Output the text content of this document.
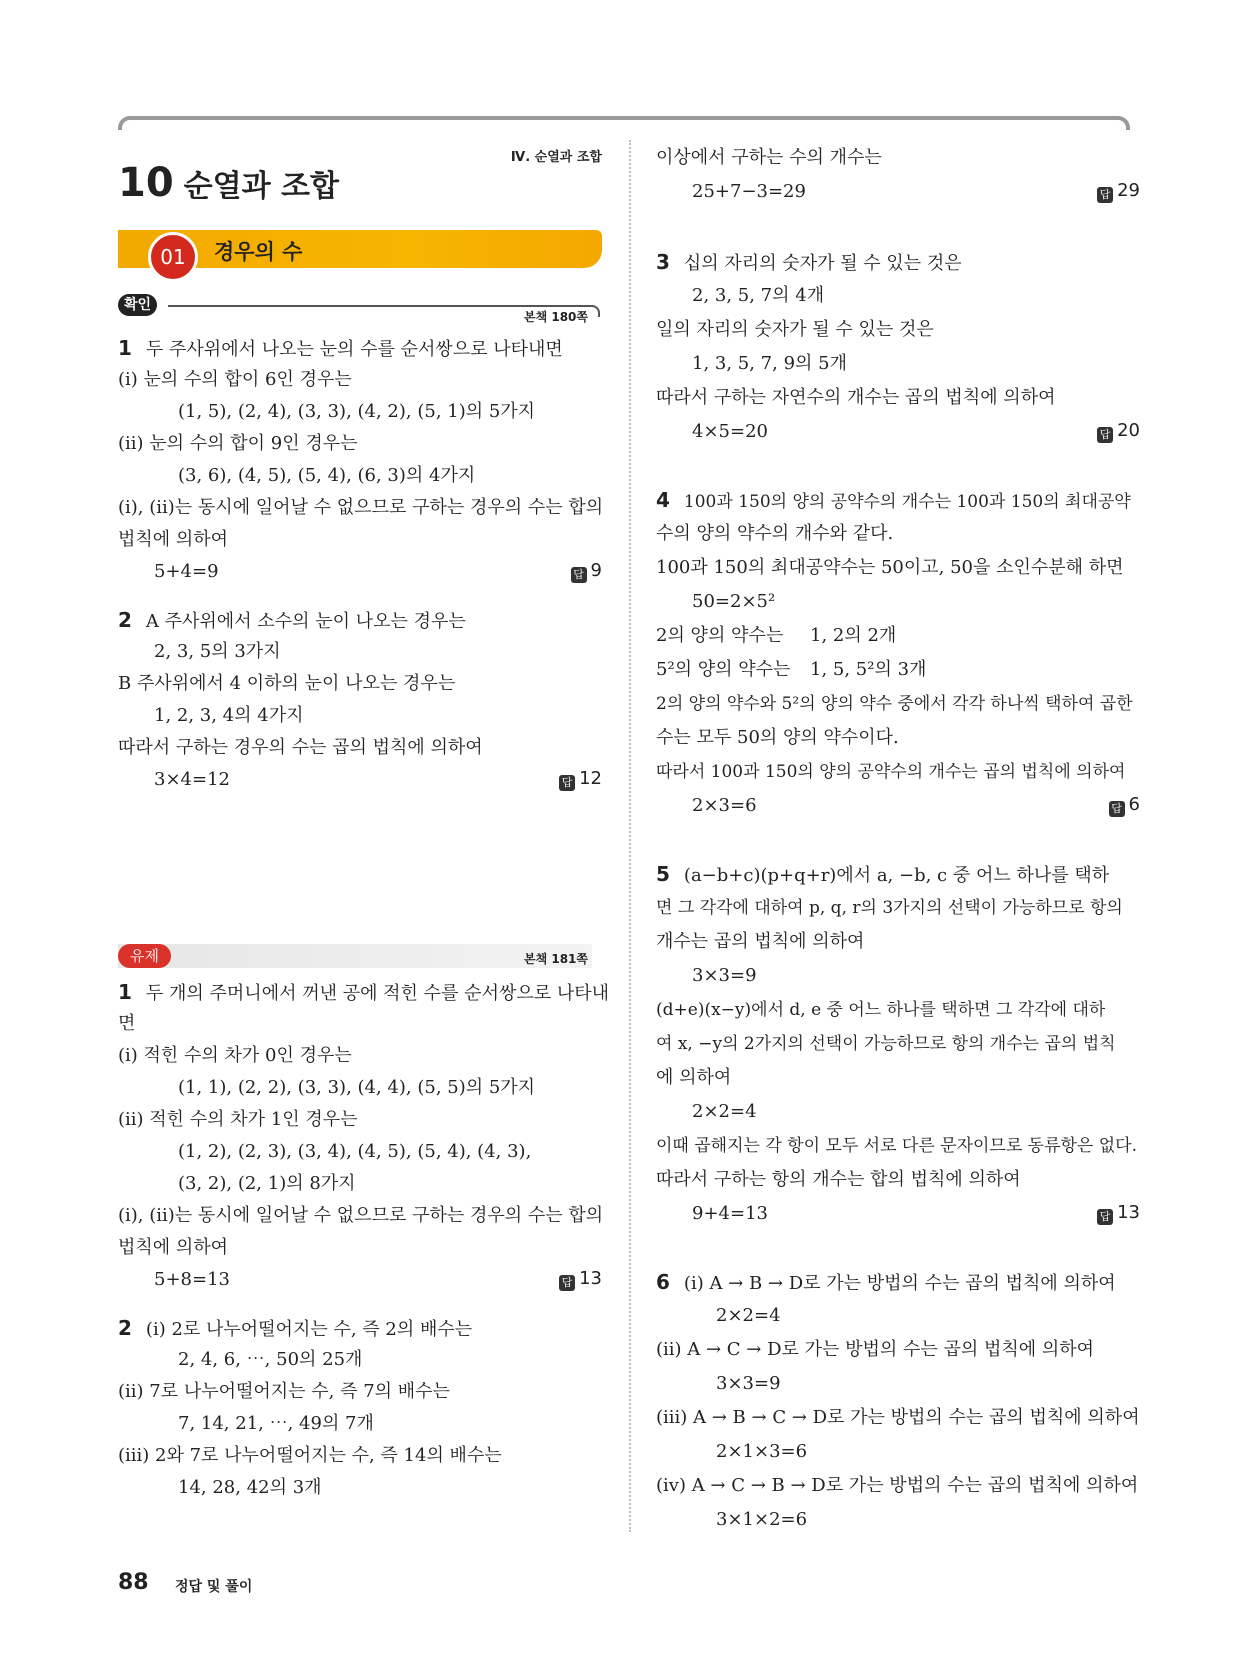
10 순열과 조합
Ⅳ. 순열과 조합
01	경우의 수
확인
본책 180쪽
1 두 주사위에서 나오는 눈의 수를 순서쌍으로 나타내면
(ⅰ) 눈의 수의 합이 6인 경우는
(1, 5), (2, 4), (3, 3), (4, 2), (5, 1)의 5가지
(ⅱ) 눈의 수의 합이 9인 경우는
(3, 6), (4, 5), (5, 4), (6, 3)의 4가지
(ⅰ), (ⅱ)는 동시에 일어날 수 없으므로 구하는 경우의 수는 합의
법칙에 의하여
5+4=9	답 9
2 A 주사위에서 소수의 눈이 나오는 경우는
2, 3, 5의 3가지
B 주사위에서 4 이하의 눈이 나오는 경우는
1, 2, 3, 4의 4가지
따라서 구하는 경우의 수는 곱의 법칙에 의하여
3×4=12	답 12
유제	본책 181쪽
1 두 개의 주머니에서 꺼낸 공에 적힌 수를 순서쌍으로 나타내
면
(ⅰ) 적힌 수의 차가 0인 경우는
(1, 1), (2, 2), (3, 3), (4, 4), (5, 5)의 5가지
(ⅱ) 적힌 수의 차가 1인 경우는
(1, 2), (2, 3), (3, 4), (4, 5), (5, 4), (4, 3),
(3, 2), (2, 1)의 8가지
(ⅰ), (ⅱ)는 동시에 일어날 수 없으므로 구하는 경우의 수는 합의
법칙에 의하여
5+8=13	답 13
2 (ⅰ) 2로 나누어떨어지는 수, 즉 2의 배수는
2, 4, 6, ⋯, 50의 25개
(ⅱ) 7로 나누어떨어지는 수, 즉 7의 배수는
7, 14, 21, ⋯, 49의 7개
(ⅲ) 2와 7로 나누어떨어지는 수, 즉 14의 배수는
14, 28, 42의 3개
이상에서 구하는 수의 개수는
25+7−3=29	답 29
3 십의 자리의 숫자가 될 수 있는 것은
2, 3, 5, 7의 4개
일의 자리의 숫자가 될 수 있는 것은
1, 3, 5, 7, 9의 5개
따라서 구하는 자연수의 개수는 곱의 법칙에 의하여
4×5=20	답 20
4 100과 150의 양의 공약수의 개수는 100과 150의 최대공약
수의 양의 약수의 개수와 같다.
100과 150의 최대공약수는 50이고, 50을 소인수분해 하면
50=2×5²
2의 양의 약수는 1, 2의 2개
5²의 양의 약수는 1, 5, 5²의 3개
2의 양의 약수와 5²의 양의 약수 중에서 각각 하나씩 택하여 곱한
수는 모두 50의 양의 약수이다.
따라서 100과 150의 양의 공약수의 개수는 곱의 법칙에 의하여
2×3=6	답 6
5 (a−b+c)(p+q+r)에서 a, −b, c 중 어느 하나를 택하
면 그 각각에 대하여 p, q, r의 3가지의 선택이 가능하므로 항의
개수는 곱의 법칙에 의하여
3×3=9
(d+e)(x−y)에서 d, e 중 어느 하나를 택하면 그 각각에 대하
여 x, −y의 2가지의 선택이 가능하므로 항의 개수는 곱의 법칙
에 의하여
2×2=4
이때 곱해지는 각 항이 모두 서로 다른 문자이므로 동류항은 없다.
따라서 구하는 항의 개수는 합의 법칙에 의하여
9+4=13	답 13
6 (ⅰ) A → B → D로 가는 방법의 수는 곱의 법칙에 의하여
2×2=4
(ⅱ) A → C → D로 가는 방법의 수는 곱의 법칙에 의하여
3×3=9
(ⅲ) A → B → C → D로 가는 방법의 수는 곱의 법칙에 의하여
2×1×3=6
(ⅳ) A → C → B → D로 가는 방법의 수는 곱의 법칙에 의하여
3×1×2=6
88 정답 및 풀이
